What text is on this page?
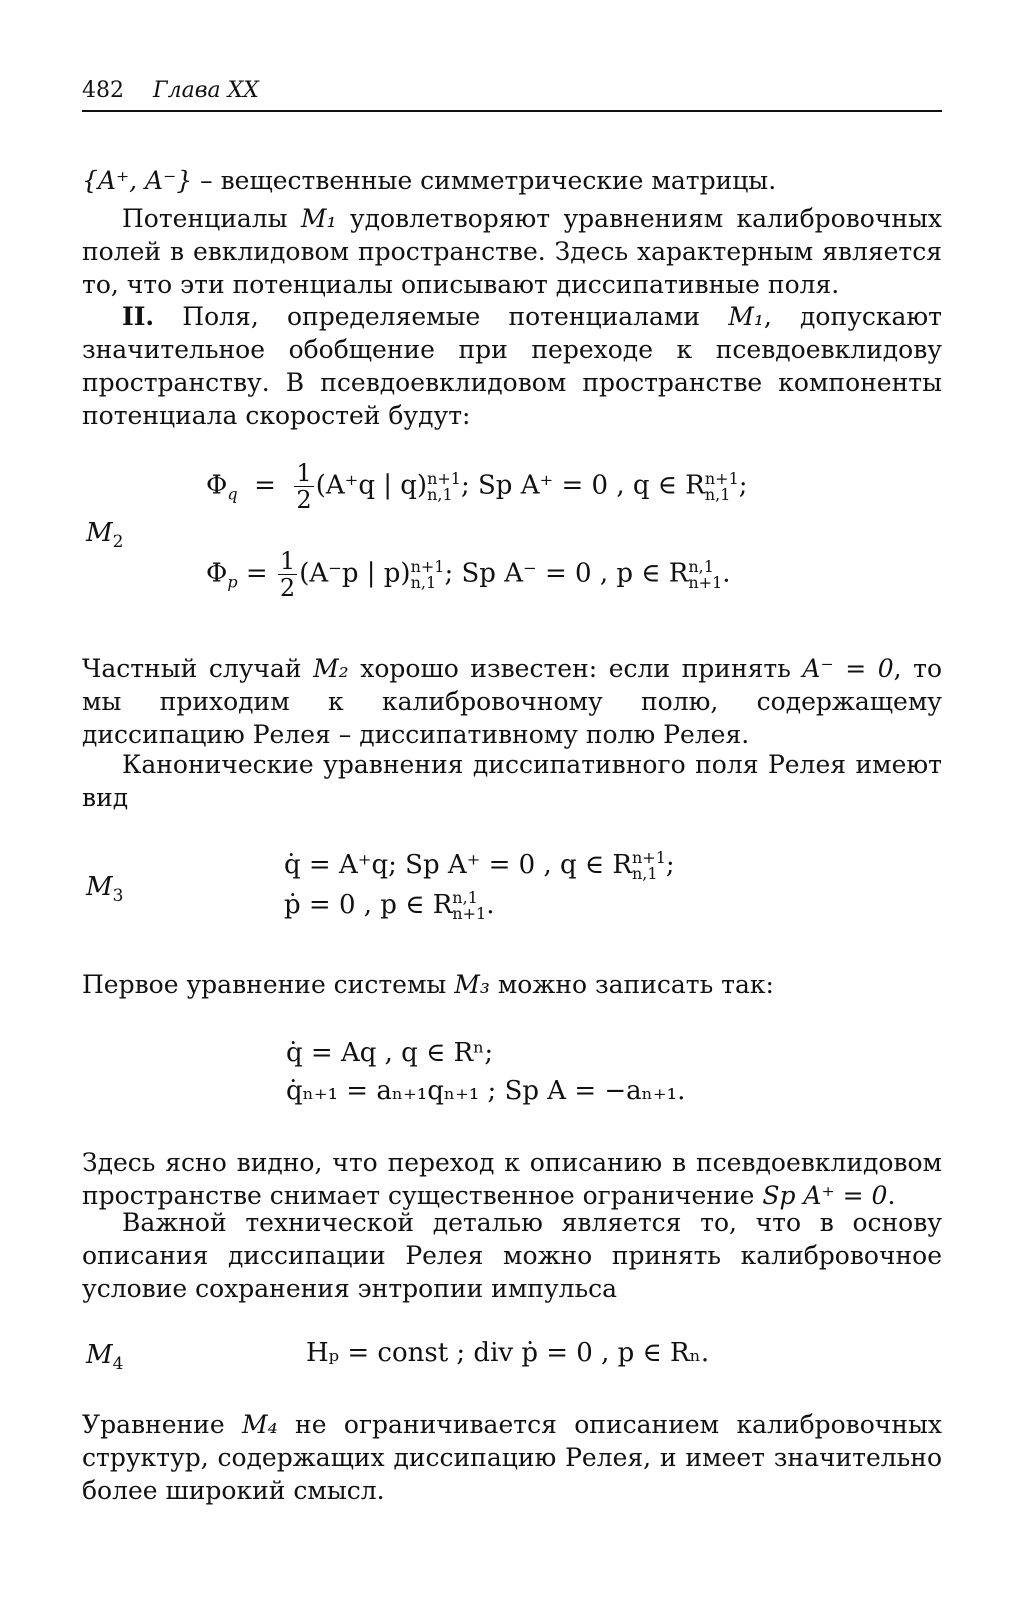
482 Глава XX

{A⁺, A⁻} – вещественные симметрические матрицы.

Потенциалы M₁ удовлетворяют уравнениям калибровочных полей в евклидовом пространстве. Здесь характерным является то, что эти потенциалы описывают диссипативные поля.

II. Поля, определяемые потенциалами M₁, допускают значительное обобщение при переходе к псевдоевклидову пространству. В псевдоевклидовом пространстве компоненты потенциала скоростей будут:

$M_2$
$\Phi_q = \frac{1}{2} (A^+q$ | q) n+1
n,1 ; Sp A⁺ = 0 , q ∈ R n+1
n,1 ;
$\Phi_p = \frac{1}{2} (A^-p$ | p) n+1
n,1 ; Sp A⁻ = 0 , p ∈ R n,1
n+1 .

Частный случай M₂ хорошо известен: если принять A⁻ = 0, то мы приходим к калибровочному полю, содержащему диссипацию Релея – диссипативному полю Релея.

Канонические уравнения диссипативного поля Релея имеют вид

$M_3$
q̇ = A⁺q; Sp A⁺ = 0 , q ∈ R n+1
n,1 ;
ṗ = 0 , p ∈ R n,1
n+1 .

Первое уравнение системы M₃ можно записать так:

q̇ = Aq , q ∈ Rⁿ;
q̇ₙ₊₁ = aₙ₊₁qₙ₊₁ ; Sp A = −aₙ₊₁.

Здесь ясно видно, что переход к описанию в псевдоевклидовом пространстве снимает существенное ограничение Sp A⁺ = 0.

Важной технической деталью является то, что в основу описания диссипации Релея можно принять калибровочное условие сохранения энтропии импульса

$M_4$	Hₚ = const ; div ṗ = 0 , p ∈ Rₙ.

Уравнение M₄ не ограничивается описанием калибровочных структур, содержащих диссипацию Релея, и имеет значительно более широкий смысл.
